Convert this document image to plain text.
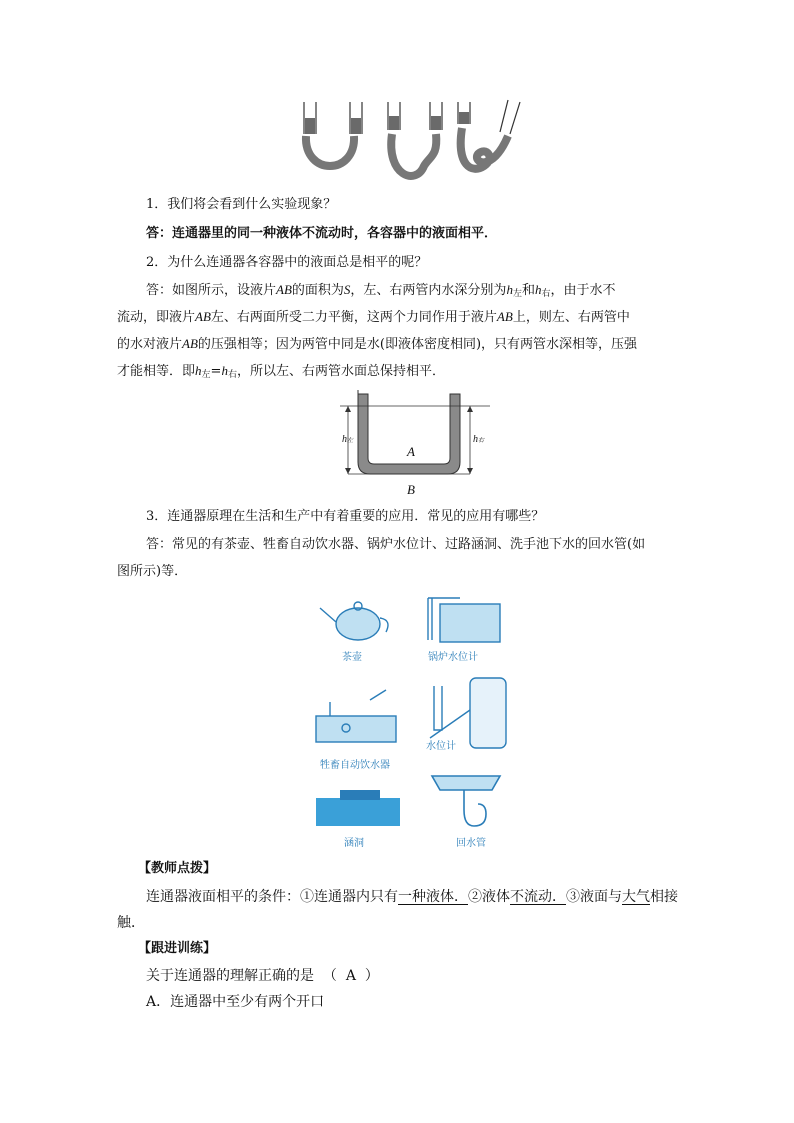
1．我们将会看到什么实验现象？
答：连通器里的同一种液体不流动时，各容器中的液面相平．
2．为什么连通器各容器中的液面总是相平的呢？
答：如图所示，设液片AB的面积为S，左、右两管内水深分别为$h_左$和$h_右$，由于水不
流动，即液片AB左、右两面所受二力平衡，这两个力同作用于液片AB上，则左、右两管中
的水对液片AB的压强相等；因为两管中同是水(即液体密度相同)，只有两管水深相等，压强
才能相等．即$h_左=h_右$，所以左、右两管水面总保持相平．
A
B
h左	h右
3．连通器原理在生活和生产中有着重要的应用．常见的应用有哪些？
答：常见的有茶壶、牲畜自动饮水器、锅炉水位计、过路涵洞、洗手池下水的回水管(如
图所示)等．
茶壶	锅炉水位计
水位计
牲畜自动饮水器
涵洞	回水管
【教师点拨】
连通器液面相平的条件：①连通器内只有一种液体．②液体不流动．③液面与大气相接
触．
【跟进训练】
关于连通器的理解正确的是 （ A ）
A．连通器中至少有两个开口
